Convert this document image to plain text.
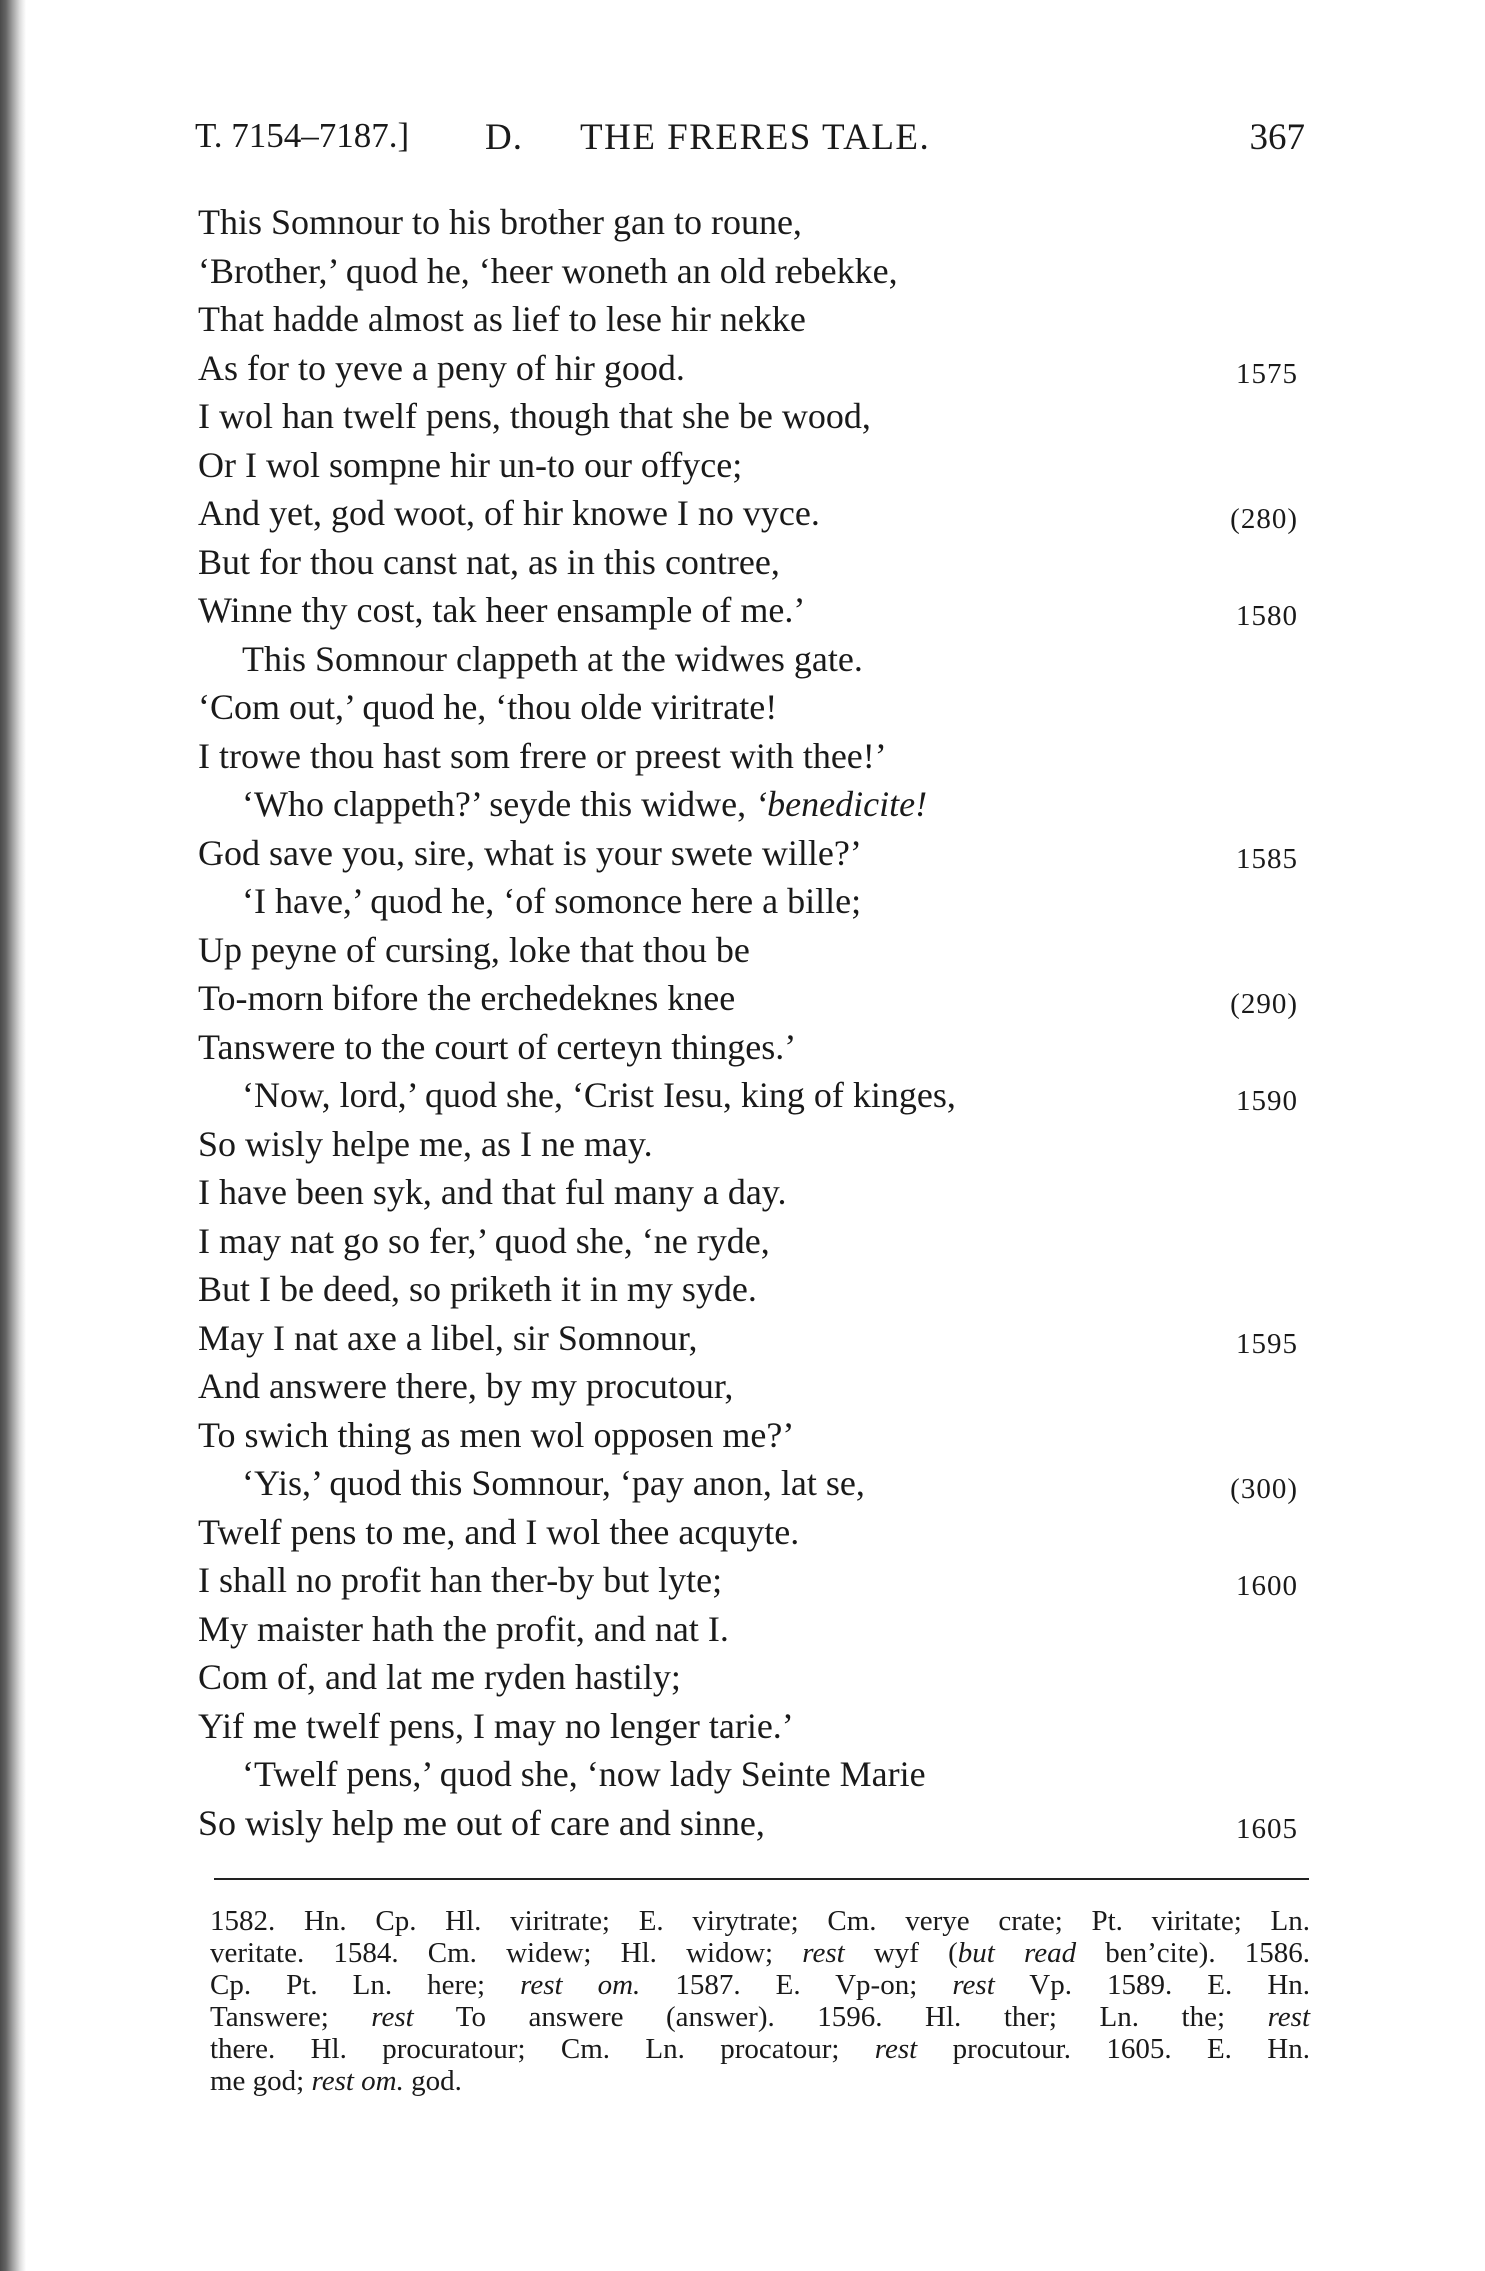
T. 7154–7187.] D. THE FRERES TALE.	367
This Somnour to his brother gan to roune,
‘Brother,’ quod he, ‘heer woneth an old rebekke,
That hadde almost as lief to lese hir nekke
As for to yeve a peny of hir good.	1575
I wol han twelf pens, though that she be wood,
Or I wol sompne hir un-to our offyce;
And yet, god woot, of hir knowe I no vyce.	(280)
But for thou canst nat, as in this contree,
Winne thy cost, tak heer ensample of me.’	1580
This Somnour clappeth at the widwes gate.
‘Com out,’ quod he, ‘thou olde viritrate!
I trowe thou hast som frere or preest with thee!’
‘Who clappeth?’ seyde this widwe, ‘benedicite!
God save you, sire, what is your swete wille?’	1585
‘I have,’ quod he, ‘of somonce here a bille;
Up peyne of cursing, loke that thou be
To-morn bifore the erchedeknes knee	(290)
Tanswere to the court of certeyn thinges.’
‘Now, lord,’ quod she, ‘Crist Iesu, king of kinges,	1590
So wisly helpe me, as I ne may.
I have been syk, and that ful many a day.
I may nat go so fer,’ quod she, ‘ne ryde,
But I be deed, so priketh it in my syde.
May I nat axe a libel, sir Somnour,	1595
And answere there, by my procutour,
To swich thing as men wol opposen me?’
‘Yis,’ quod this Somnour, ‘pay anon, lat se,	(300)
Twelf pens to me, and I wol thee acquyte.
I shall no profit han ther-by but lyte;	1600
My maister hath the profit, and nat I.
Com of, and lat me ryden hastily;
Yif me twelf pens, I may no lenger tarie.’
‘Twelf pens,’ quod she, ‘now lady Seinte Marie
So wisly help me out of care and sinne,	1605
1582. Hn. Cp. Hl. viritrate; E. virytrate; Cm. verye crate; Pt. viritate; Ln.
veritate. 1584. Cm. widew; Hl. widow; rest wyf (but read ben’cite). 1586.
Cp. Pt. Ln. here; rest om. 1587. E. Vp-on; rest Vp. 1589. E. Hn.
Tanswere; rest To answere (answer). 1596. Hl. ther; Ln. the; rest
there. Hl. procuratour; Cm. Ln. procatour; rest procutour. 1605. E. Hn.
me god; rest om. god.
